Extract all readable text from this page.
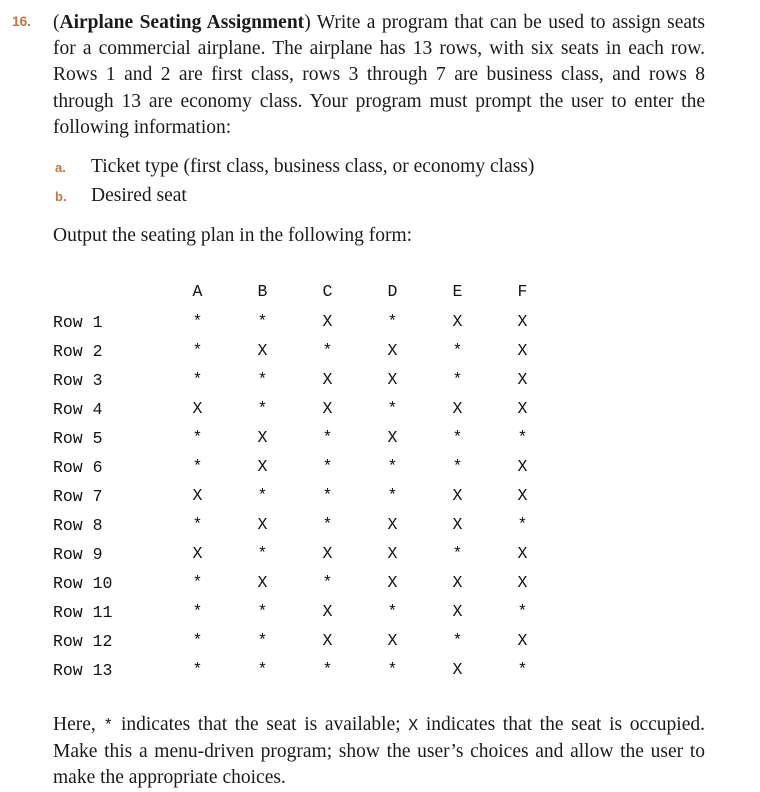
16. (Airplane Seating Assignment) Write a program that can be used to assign seats for a commercial airplane. The airplane has 13 rows, with six seats in each row. Rows 1 and 2 are first class, rows 3 through 7 are business class, and rows 8 through 13 are economy class. Your program must prompt the user to enter the following information:

a. Ticket type (first class, business class, or economy class)
b. Desired seat

Output the seating plan in the following form:

	A	B	C	D	E	F
Row 1	*	*	X	*	X	X
Row 2	*	X	*	X	*	X
Row 3	*	*	X	X	*	X
Row 4	X	*	X	*	X	X
Row 5	*	X	*	X	*	*
Row 6	*	X	*	*	*	X
Row 7	X	*	*	*	X	X
Row 8	*	X	*	X	X	*
Row 9	X	*	X	X	*	X
Row 10	*	X	*	X	X	X
Row 11	*	*	X	*	X	*
Row 12	*	*	X	X	*	X
Row 13	*	*	*	*	X	*

Here, * indicates that the seat is available; X indicates that the seat is occupied. Make this a menu-driven program; show the user’s choices and allow the user to make the appropriate choices.
